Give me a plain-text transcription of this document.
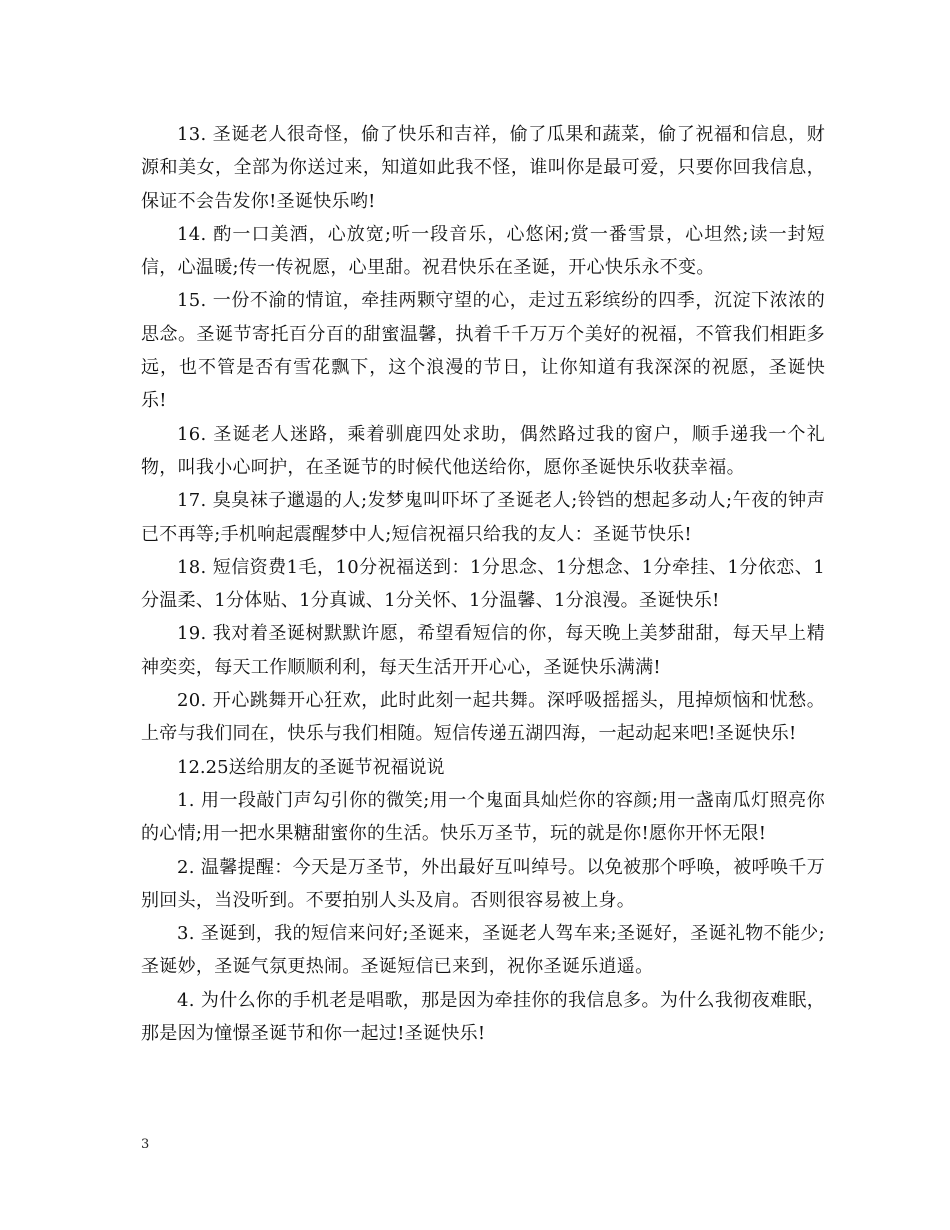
13. 圣诞老人很奇怪，偷了快乐和吉祥，偷了瓜果和蔬菜，偷了祝福和信息，财源和美女，全部为你送过来，知道如此我不怪，谁叫你是最可爱，只要你回我信息，保证不会告发你!圣诞快乐哟!

14. 酌一口美酒，心放宽;听一段音乐，心悠闲;赏一番雪景，心坦然;读一封短信，心温暖;传一传祝愿，心里甜。祝君快乐在圣诞，开心快乐永不变。

15. 一份不渝的情谊，牵挂两颗守望的心，走过五彩缤纷的四季，沉淀下浓浓的思念。圣诞节寄托百分百的甜蜜温馨，执着千千万万个美好的祝福，不管我们相距多远，也不管是否有雪花飘下，这个浪漫的节日，让你知道有我深深的祝愿，圣诞快乐!

16. 圣诞老人迷路，乘着驯鹿四处求助，偶然路过我的窗户，顺手递我一个礼物，叫我小心呵护，在圣诞节的时候代他送给你，愿你圣诞快乐收获幸福。

17. 臭臭袜子邋遢的人;发梦鬼叫吓坏了圣诞老人;铃铛的想起多动人;午夜的钟声已不再等;手机响起震醒梦中人;短信祝福只给我的友人：圣诞节快乐!

18. 短信资费1毛，10分祝福送到：1分思念、1分想念、1分牵挂、1分依恋、1分温柔、1分体贴、1分真诚、1分关怀、1分温馨、1分浪漫。圣诞快乐!

19. 我对着圣诞树默默许愿，希望看短信的你，每天晚上美梦甜甜，每天早上精神奕奕，每天工作顺顺利利，每天生活开开心心，圣诞快乐满满!

20. 开心跳舞开心狂欢，此时此刻一起共舞。深呼吸摇摇头，甩掉烦恼和忧愁。上帝与我们同在，快乐与我们相随。短信传递五湖四海，一起动起来吧!圣诞快乐!

12.25送给朋友的圣诞节祝福说说

1. 用一段敲门声勾引你的微笑;用一个鬼面具灿烂你的容颜;用一盏南瓜灯照亮你的心情;用一把水果糖甜蜜你的生活。快乐万圣节，玩的就是你!愿你开怀无限!

2. 温馨提醒：今天是万圣节，外出最好互叫绰号。以免被那个呼唤，被呼唤千万别回头，当没听到。不要拍别人头及肩。否则很容易被上身。

3. 圣诞到，我的短信来问好;圣诞来，圣诞老人驾车来;圣诞好，圣诞礼物不能少;圣诞妙，圣诞气氛更热闹。圣诞短信已来到，祝你圣诞乐逍遥。

4. 为什么你的手机老是唱歌，那是因为牵挂你的我信息多。为什么我彻夜难眠，那是因为憧憬圣诞节和你一起过!圣诞快乐!

3
